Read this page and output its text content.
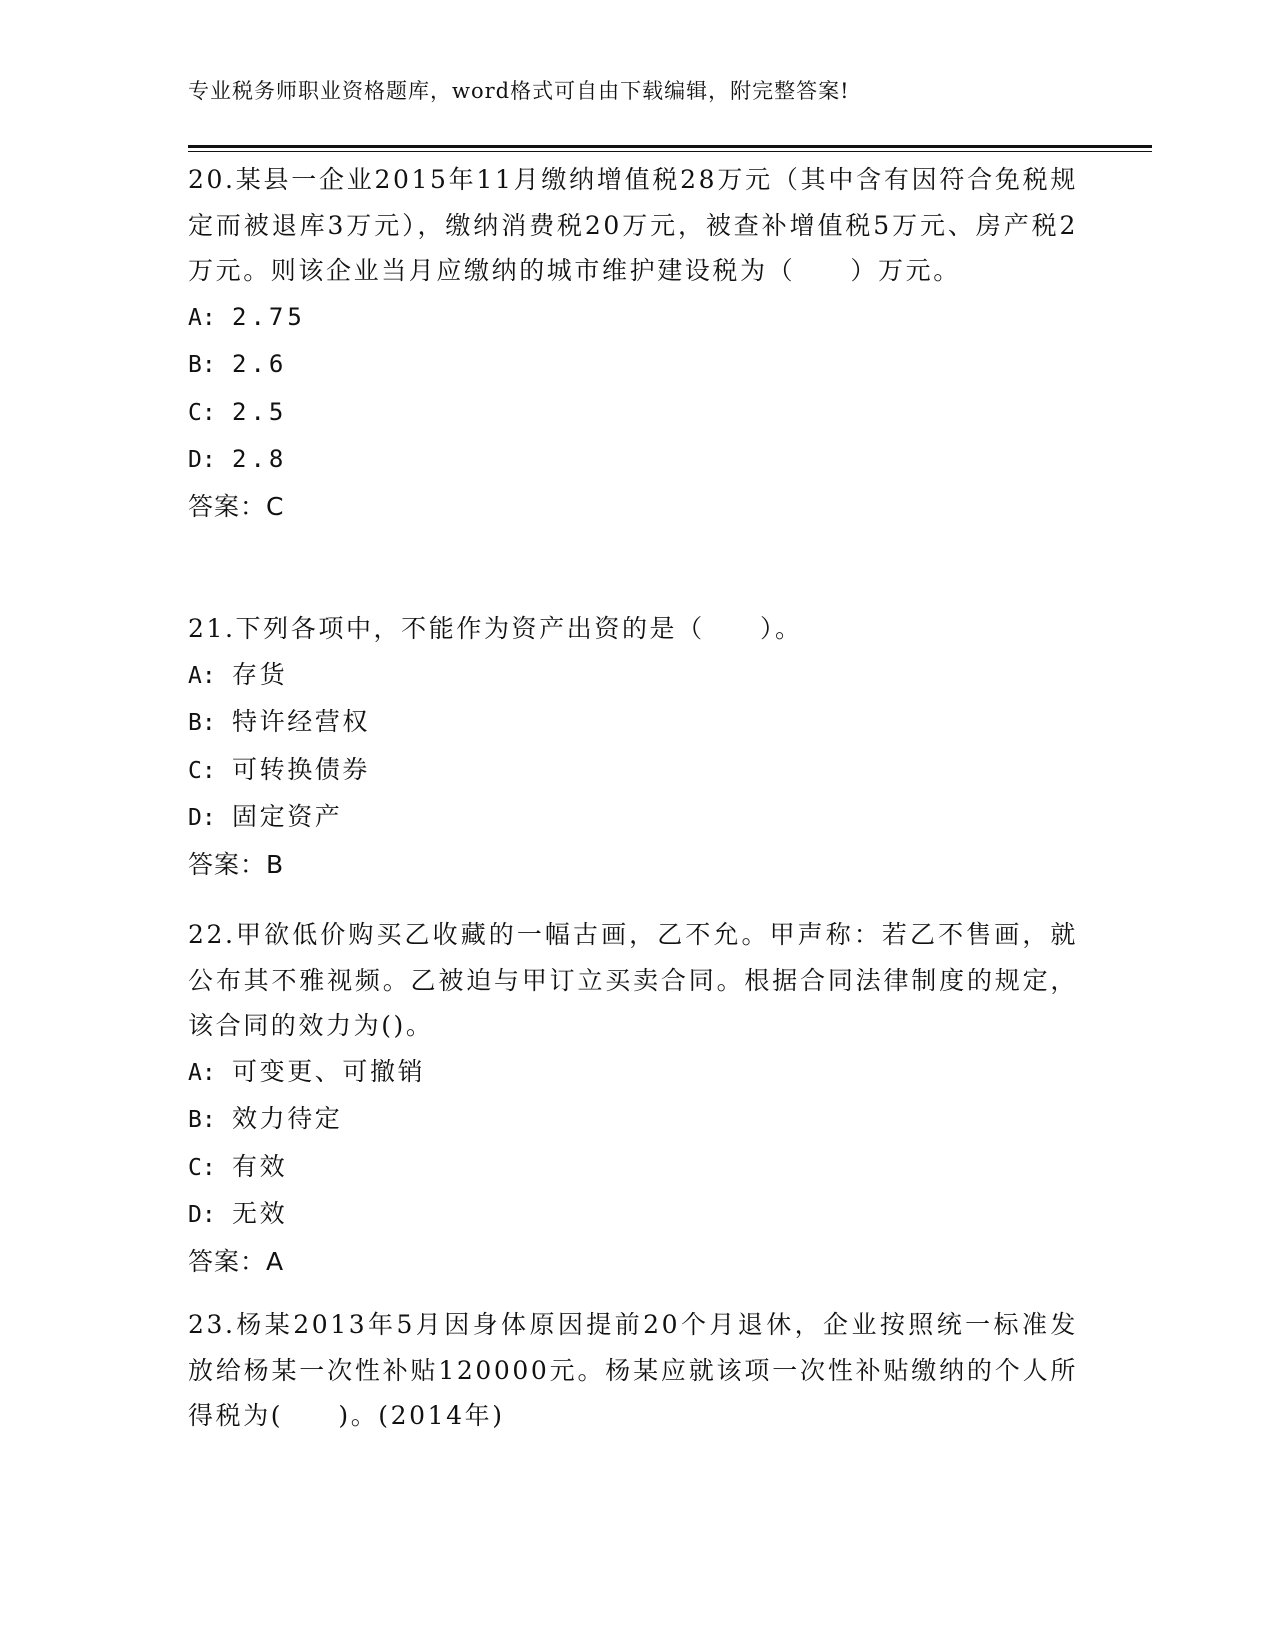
专业税务师职业资格题库，word格式可自由下载编辑，附完整答案!

20.某县一企业2015年11月缴纳增值税28万元（其中含有因符合免税规定而被退库3万元），缴纳消费税20万元，被查补增值税5万元、房产税2万元。则该企业当月应缴纳的城市维护建设税为（　　）万元。

A: 2.75
B: 2.6
C: 2.5
D: 2.8
答案：C

21.下列各项中，不能作为资产出资的是（　　）。

A: 存货
B: 特许经营权
C: 可转换债券
D: 固定资产
答案：B

22.甲欲低价购买乙收藏的一幅古画，乙不允。甲声称：若乙不售画，就公布其不雅视频。乙被迫与甲订立买卖合同。根据合同法律制度的规定，该合同的效力为()。

A: 可变更、可撤销
B: 效力待定
C: 有效
D: 无效
答案：A

23.杨某2013年5月因身体原因提前20个月退休，企业按照统一标准发放给杨某一次性补贴120000元。杨某应就该项一次性补贴缴纳的个人所得税为(　　)。(2014年)
